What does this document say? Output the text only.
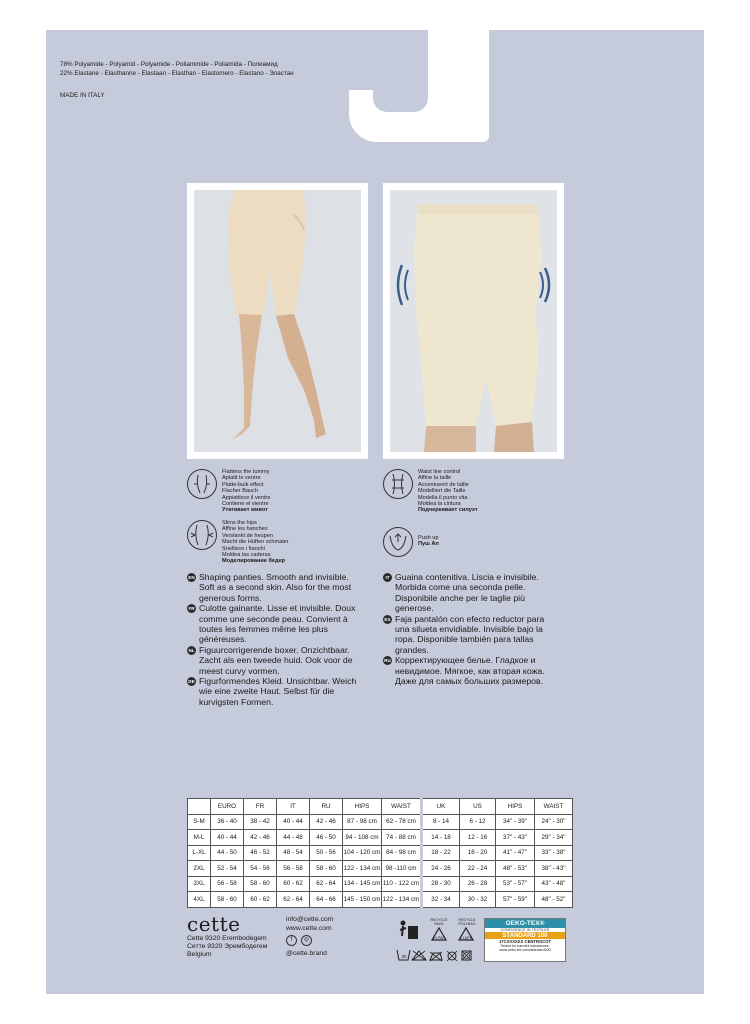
78% Polyamide - Polyamid - Polyamide - Poliammide - Poliamida - Полиамид
22% Elastane - Elasthanne - Elastaan - Elasthan - Elastomero - Elastano - Эластан
MADE IN ITALY
Flattens the tummy
Aplatit le ventre
Platte-buik effect
Flacher Bauch
Appiattisce il ventre
Contiene el vientre
Утягивает живот
Slims the hips
Affine les hanches
Verslankt de heupen
Macht die Hüften schmaler
Snellisce i fianchi
Moldea las caderas
Моделирование бедер
Waist line control
Affine la taille
Accentueert de taille
Modelliert die Taille
Modella il punto vita
Moldea la cintura
Подчеркивает силуэт
Push up
Пуш Ап
EN Shaping panties. Smooth and invisible. Soft as a second skin. Also for the most generous forms.
FR Culotte gainante. Lisse et invisible. Doux comme une seconde peau. Convient à toutes les femmes même les plus généreuses.
NL Figuurcorrigerende boxer. Onzichtbaar. Zacht als een tweede huid. Ook voor de meest curvy vormen.
DE Figurformendes Kleid. Unsichtbar. Weich wie eine zweite Haut. Selbst für die kurvigsten Formen.
IT Guaina contenitiva. Liscia e invisibile. Morbida come una seconda pelle. Disponibile anche per le taglie più generose.
ES Faja pantalón con efecto reductor para una silueta envidiable. Invisible bajo la ropa. Disponible también para tallas grandes.
RU Корректирующее белье. Гладкое и невидимое. Мягкое, как вторая кожа. Даже для самых больших размеров.
	EURO	FR	IT	RU	HIPS	WAIST	UK	US	HIPS	WAIST
S-M	36 - 40	38 - 42	40 - 44	42 - 46	87 - 98 cm	62 - 78 cm	8 - 14	6 - 12	34" - 39"	24" - 30"
M-L	40 - 44	42 - 46	44 - 48	46 - 50	94 - 108 cm	74 - 88 cm	14 - 18	12 - 16	37" - 43"	29" - 34"
L-XL	44 - 50	46 - 52	48 - 54	50 - 56	104 - 120 cm	84 - 98 cm	18 - 22	16 - 20	41" - 47"	33" - 38"
2XL	52 - 54	54 - 56	56 - 58	58 - 60	122 - 134 cm	98 -110 cm	24 - 26	22 - 24	48" - 53"	38" - 43"
3XL	56 - 58	58 - 60	60 - 62	62 - 64	134 - 145 cm	110 - 122 cm	28 - 30	26 - 28	53" - 57"	43" - 48"
4XL	58 - 60	60 - 62	62 - 64	64 - 66	145 - 150 cm	122 - 134 cm	32 - 34	30 - 32	57" - 59"	48" - 52"
cette
Cette 9320 Erembodegem
Сетте 9320 Эрембодегем
Belgium
info@cette.com
www.cette.com
f	◎
@cette.brand
RECYCLE PACK
21 PAP
RECYCLE POLYBAG
4 LDPE
30
OEKO-TEX®
CONFIDENCE IN TEXTILES
STANDARD 100
17CXXXXXX CENTROCOT
Tested for harmful substances.
www.oeko-tex.com/standard100
